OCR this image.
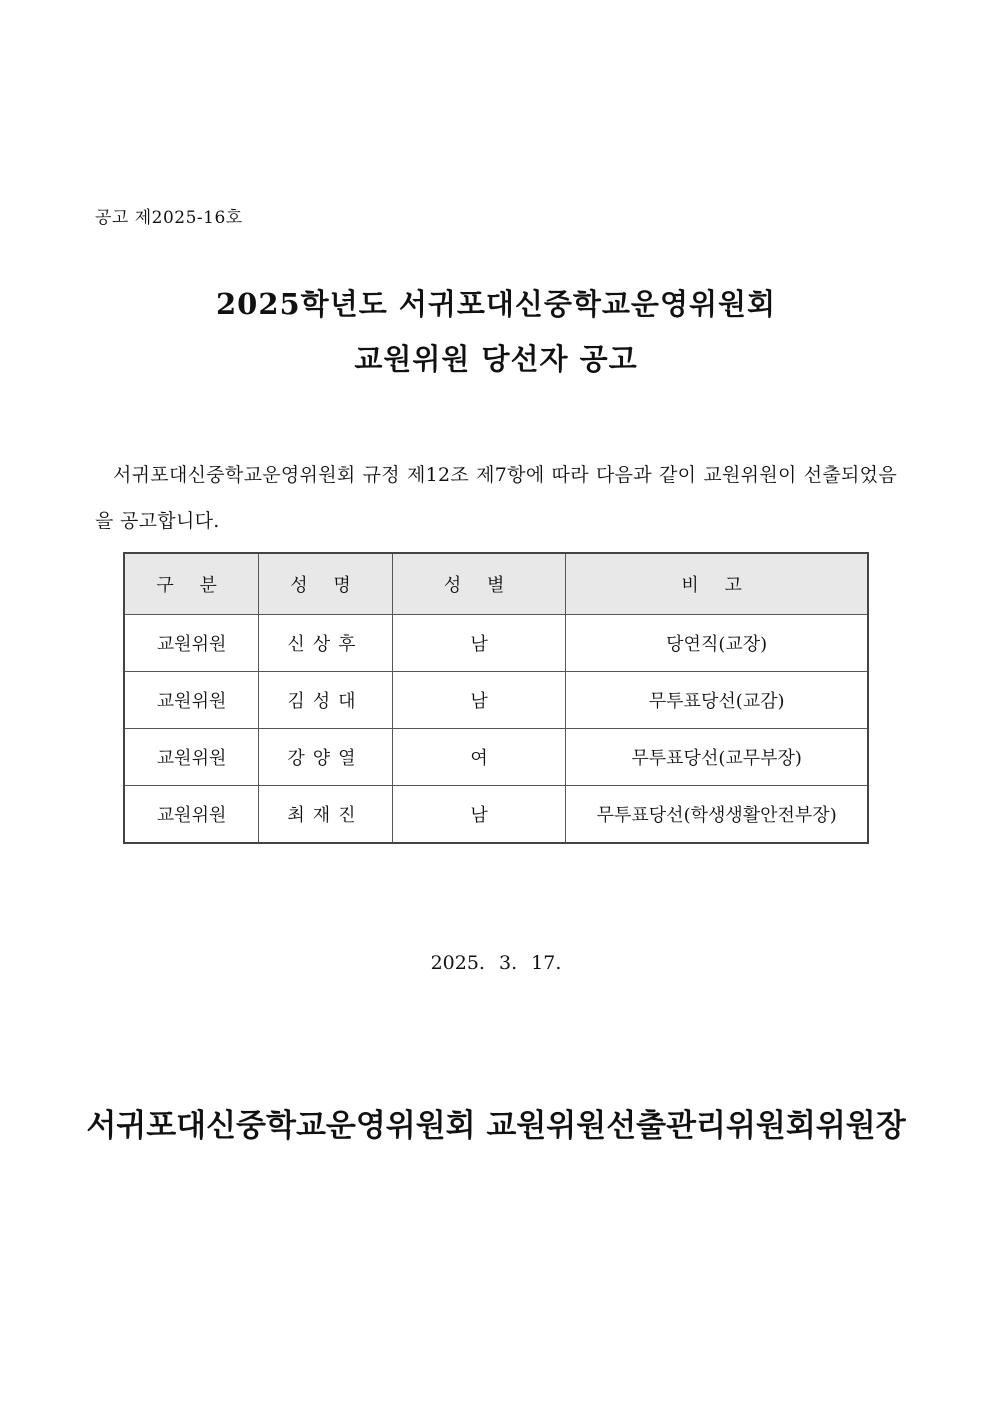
공고 제2025-16호
2025학년도 서귀포대신중학교운영위원회
교원위원 당선자 공고
서귀포대신중학교운영위원회 규정 제12조 제7항에 따라 다음과 같이 교원위원이 선출되었음을 공고합니다.
구 분	성 명	성 별	비 고
교원위원	신상후	남	당연직(교장)
교원위원	김성대	남	무투표당선(교감)
교원위원	강양열	여	무투표당선(교무부장)
교원위원	최재진	남	무투표당선(학생생활안전부장)
2025. 3. 17.
서귀포대신중학교운영위원회 교원위원선출관리위원회위원장
